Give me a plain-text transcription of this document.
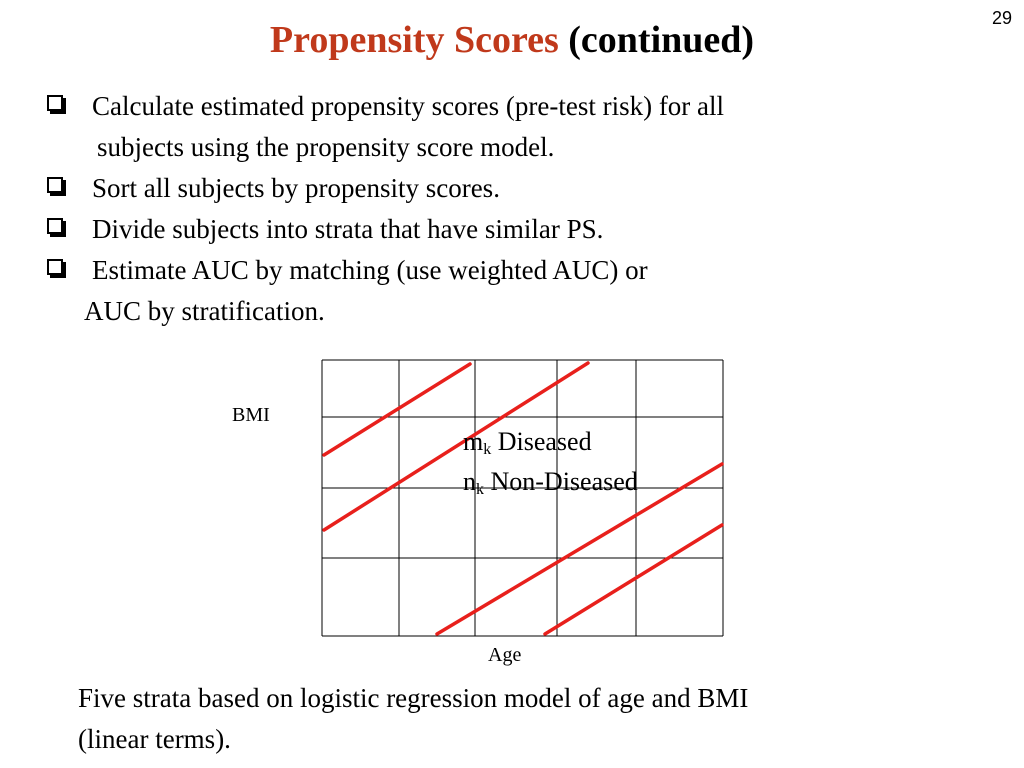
29
Propensity Scores (continued)
Calculate estimated propensity scores (pre-test risk) for all
subjects using the propensity score model.
Sort all subjects by propensity scores.
Divide subjects into strata that have similar PS.
Estimate AUC by matching (use weighted AUC) or
AUC by stratification.
BMI
Age
$m_k$ Diseased
$n_k$ Non-Diseased
Five strata based on logistic regression model of age and BMI
(linear terms).
